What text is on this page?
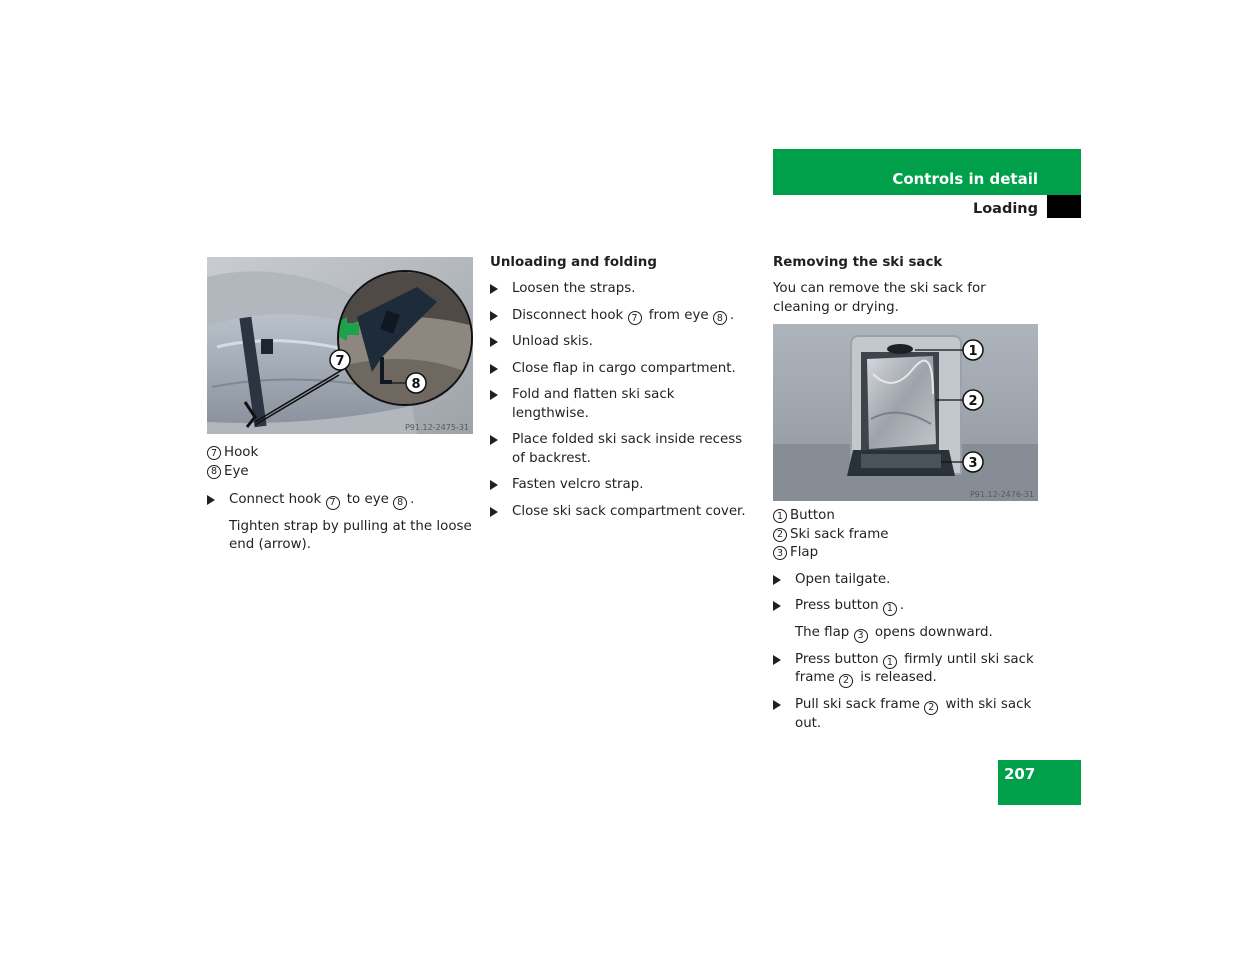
Controls in detail
Loading
7
8
P91.12-2475-31
7 Hook
8 Eye
Connect hook 7 to eye 8 .
Tighten strap by pulling at the loose end (arrow).
Unloading and folding
Loosen the straps.
Disconnect hook 7 from eye 8 .
Unload skis.
Close flap in cargo compartment.
Fold and flatten ski sack lengthwise.
Place folded ski sack inside recess of backrest.
Fasten velcro strap.
Close ski sack compartment cover.
Removing the ski sack
You can remove the ski sack for cleaning or drying.
1
2
3
P91.12-2476-31
1 Button
2 Ski sack frame
3 Flap
Open tailgate.
Press button 1 .
The flap 3 opens downward.
Press button 1 firmly until ski sack frame 2 is released.
Pull ski sack frame 2 with ski sack out.
207
